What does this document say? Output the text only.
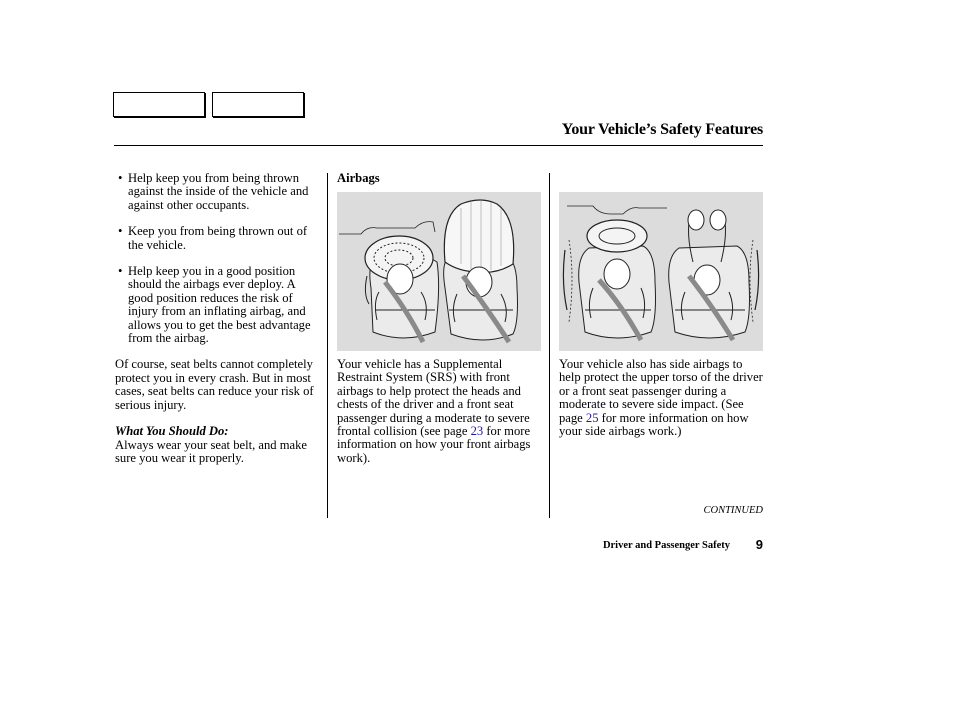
Your Vehicle’s Safety Features
• Help keep you from being thrown against the inside of the vehicle and against other occupants.
• Keep you from being thrown out of the vehicle.
• Help keep you in a good position should the airbags ever deploy. A good position reduces the risk of injury from an inflating airbag, and allows you to get the best advantage from the airbag.

Of course, seat belts cannot completely protect you in every crash. But in most cases, seat belts can reduce your risk of serious injury.

What You Should Do:

Always wear your seat belt, and make sure you wear it properly.

Airbags

Your vehicle has a Supplemental Restraint System (SRS) with front airbags to help protect the heads and chests of the driver and a front seat passenger during a moderate to severe frontal collision (see page 23 for more information on how your front airbags work).

Your vehicle also has side airbags to help protect the upper torso of the driver or a front seat passenger during a moderate to severe side impact. (See page 25 for more information on how your side airbags work.)

CONTINUED
Driver and Passenger Safety	9
